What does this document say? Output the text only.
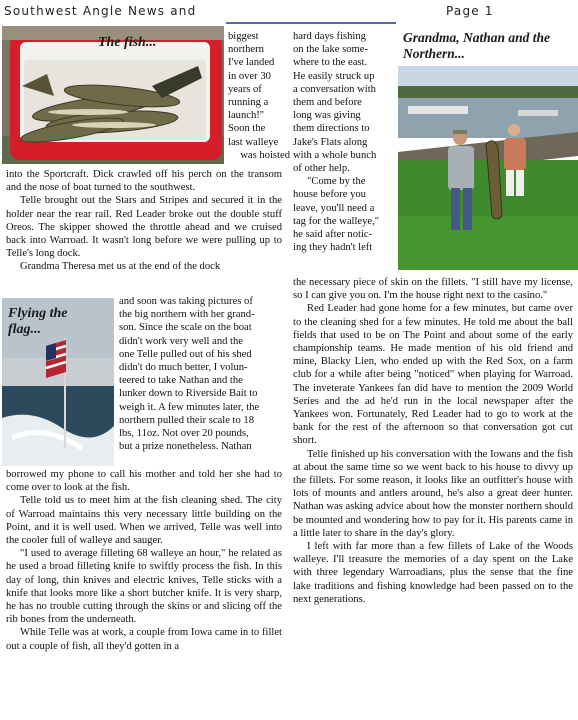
Southwest Angle News and	Page 1
The fish...	biggest

northern

I've landed

in over 30

years of

running a

launch!"

Soon the

last walleye

was hoisted

into the Sportcraft. Dick crawled off his perch on the transom and the nose of boat turned to the southwest.

Telle brought out the Stars and Stripes and secured it in the holder near the rear rail. Red Leader broke out the double stuff Oreos. The skipper showed the throttle ahead and we cruised back into Warroad. It wasn't long before we were pulling up to Telle's long dock.

Grandma Theresa met us at the end of the dock

Flying the flag...

and soon was taking pictures of

the big northern with her grand-

son. Since the scale on the boat

didn't work very well and the

one Telle pulled out of his shed

didn't do much better, I volun-

teered to take Nathan and the

lunker down to Riverside Bait to

weigh it. A few minutes later, the

northern pulled their scale to 18

lbs, 11oz. Not over 20 pounds,

but a prize nonetheless. Nathan

borrowed my phone to call his mother and told her she had to come over to look at the fish.

Telle told us to meet him at the fish cleaning shed. The city of Warroad maintains this very necessary little building on the Point, and it is well used. When we arrived, Telle was well into the cooler full of walleye and sauger.

"I used to average filleting 68 walleye an hour," he related as he used a broad filleting knife to swiftly process the fish. In this day of long, thin knives and electric knives, Telle sticks with a knife that looks more like a short butcher knife. It is very sharp, he has no trouble cutting through the skins or and slicing off the rib bones from the underneath.

While Telle was at work, a couple from Iowa came in to fillet out a couple of fish, all they'd gotten in a

hard days fishing

on the lake some-

where to the east.

He easily struck up

a conversation with

them and before

long was giving

them directions to

Jake's Flats along

with a whole bunch

of other help.

"Come by the

house before you

leave, you'll need a

tag for the walleye,"

he said after notic-

ing they hadn't left

Grandma, Nathan and the Northern...

the necessary piece of skin on the fillets. "I still have my license, so I can give you on. I'm the house right next to the casino."

Red Leader had gone home for a few minutes, but came over to the cleaning shed for a few minutes. He told me about the ball fields that used to be on The Point and about some of the early championship teams. He made mention of his old friend and mine, Blacky Lien, who ended up with the Red Sox, on a farm club for a while after being "noticed" when playing for Warroad. The inveterate Yankees fan did have to mention the 2009 World Series and the ad he'd run in the local newspaper after the Yankees won. Fortunately, Red Leader had to go to work at the bank for the rest of the afternoon so that conversation got cut short.

Telle finished up his conversation with the Iowans and the fish at about the same time so we went back to his house to divvy up the fillets. For some reason, it looks like an outfitter's house with lots of mounts and antlers around, he's also a great deer hunter. Nathan was asking advice about how the monster northern should be mounted and wondering how to pay for it. His parents came in a little later to share in the day's glory.

I left with far more than a few fillets of Lake of the Woods walleye. I'll treasure the memories of a day spent on the Lake with three legendary Warroadians, plus the sense that the fine lake traditions and fishing knowledge had been passed on to the next generations.
